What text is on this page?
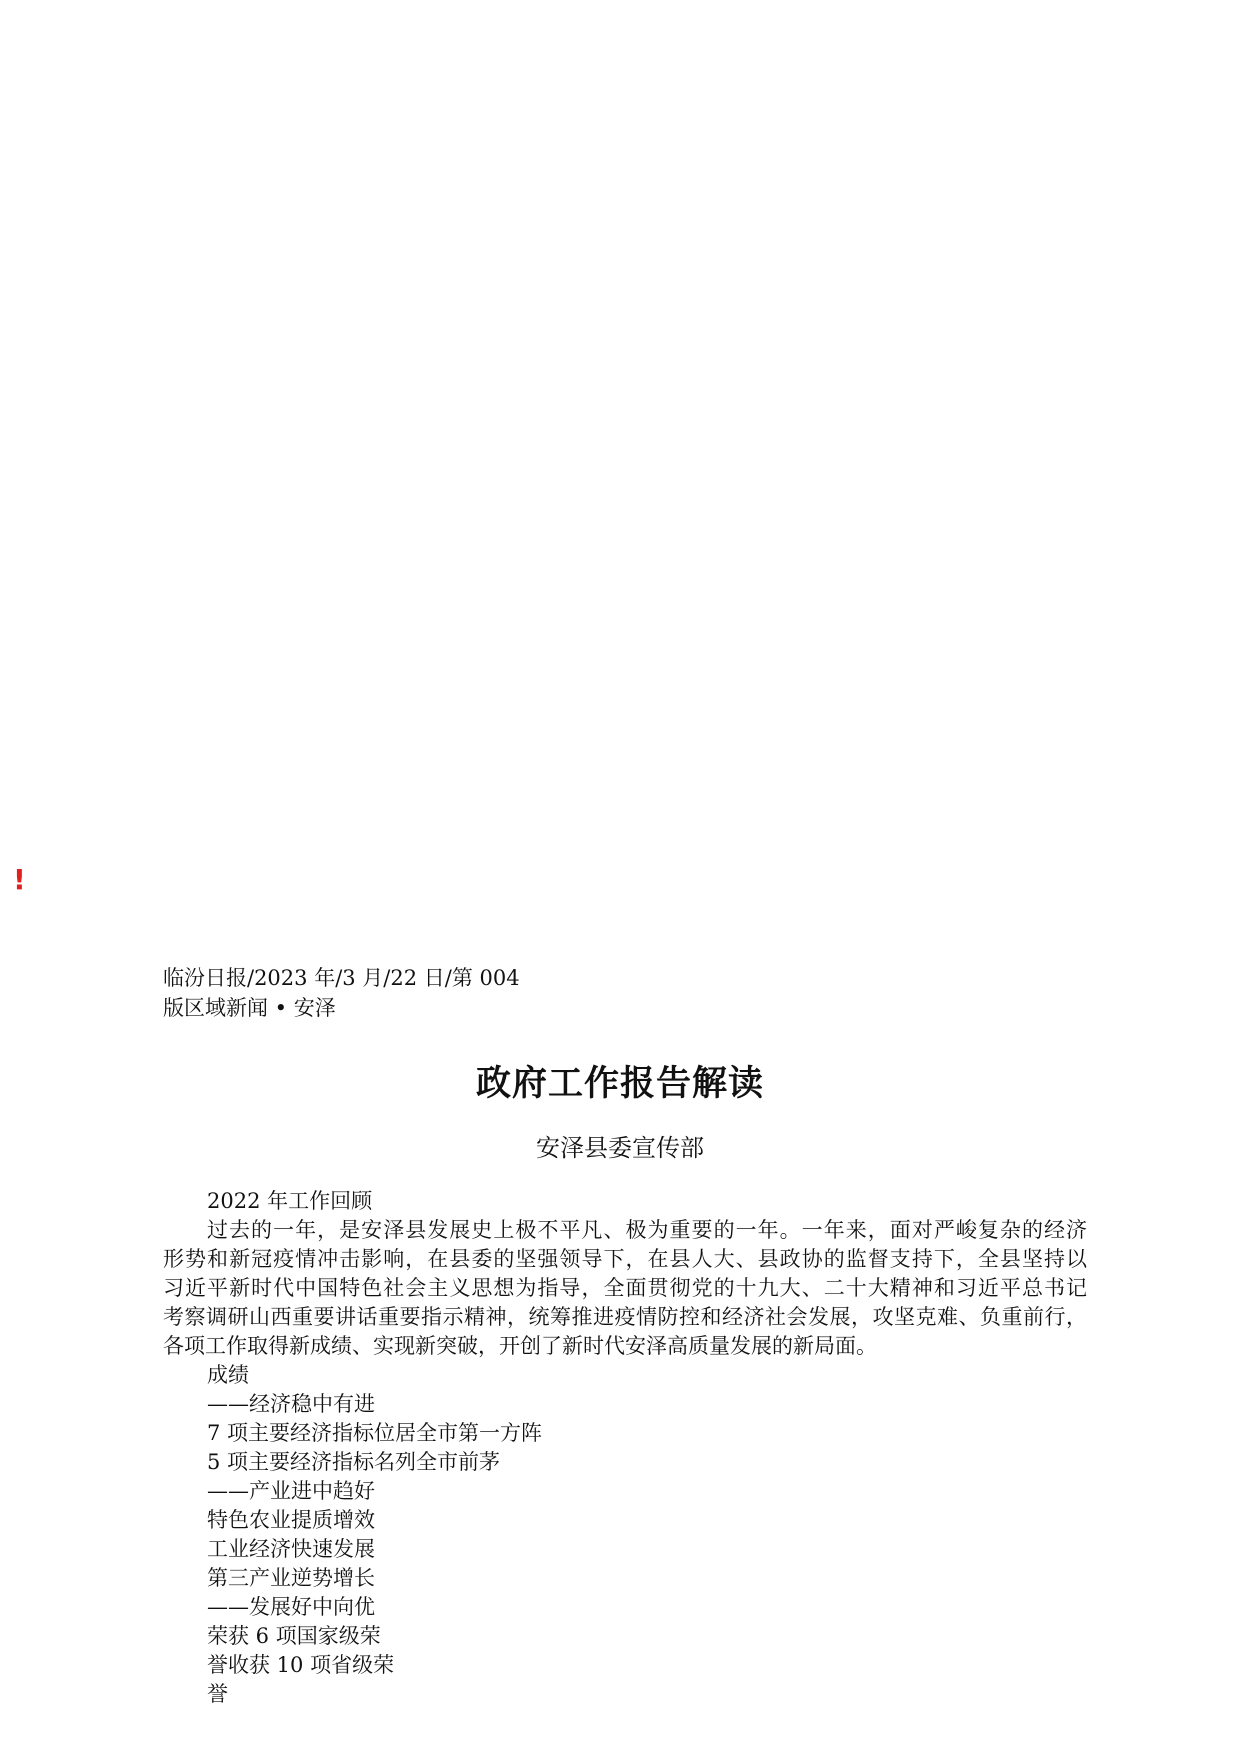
!
临汾日报/2023 年/3 月/22 日/第 004
版区域新闻 • 安泽
政府工作报告解读
安泽县委宣传部
2022 年工作回顾
过去的一年，是安泽县发展史上极不平凡、极为重要的一年。一年来，面对严峻复杂的经济
形势和新冠疫情冲击影响，在县委的坚强领导下，在县人大、县政协的监督支持下，全县坚持以
习近平新时代中国特色社会主义思想为指导，全面贯彻党的十九大、二十大精神和习近平总书记
考察调研山西重要讲话重要指示精神，统筹推进疫情防控和经济社会发展，攻坚克难、负重前行，
各项工作取得新成绩、实现新突破，开创了新时代安泽高质量发展的新局面。
成绩
——经济稳中有进
7 项主要经济指标位居全市第一方阵
5 项主要经济指标名列全市前茅
——产业进中趋好
特色农业提质增效
工业经济快速发展
第三产业逆势增长
——发展好中向优
荣获 6 项国家级荣
誉收获 10 项省级荣
誉
